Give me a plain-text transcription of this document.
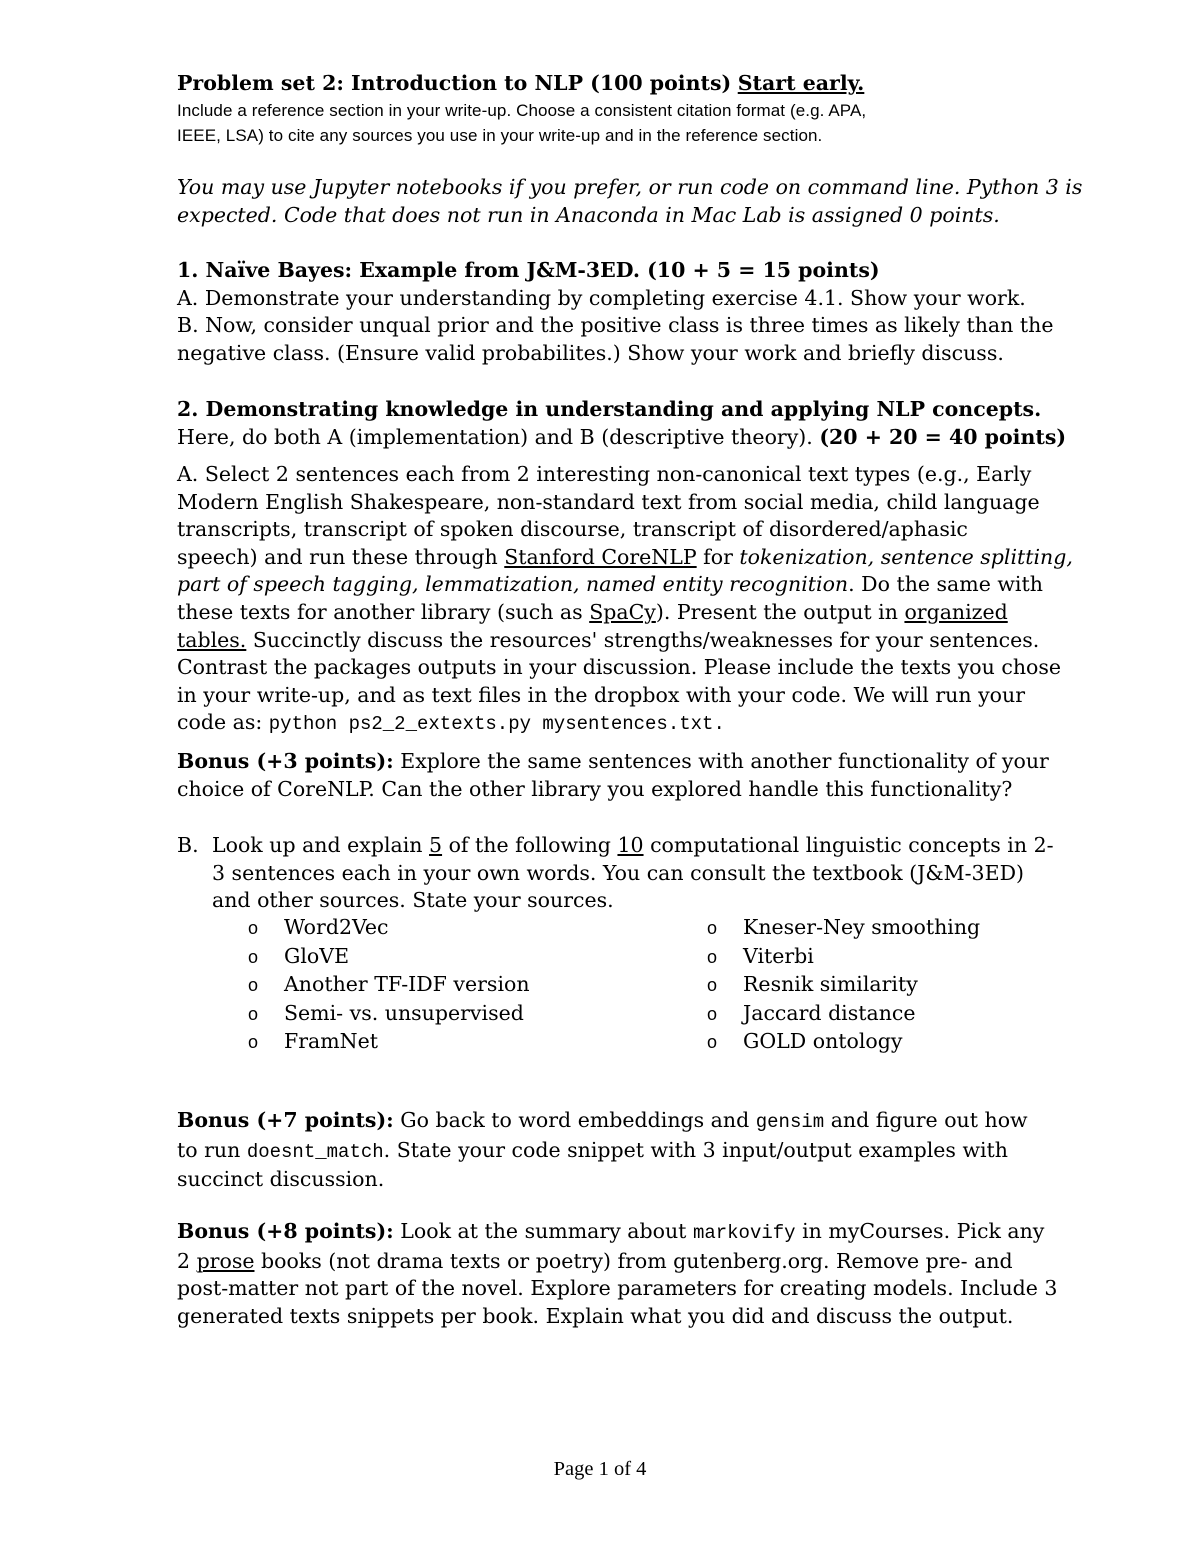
Problem set 2: Introduction to NLP (100 points) Start early.
Include a reference section in your write-up. Choose a consistent citation format (e.g. APA,
IEEE, LSA) to cite any sources you use in your write-up and in the reference section.
You may use Jupyter notebooks if you prefer, or run code on command line. Python 3 is
expected. Code that does not run in Anaconda in Mac Lab is assigned 0 points.
1. Naïve Bayes: Example from J&M-3ED. (10 + 5 = 15 points)
A. Demonstrate your understanding by completing exercise 4.1. Show your work.
B. Now, consider unqual prior and the positive class is three times as likely than the
negative class. (Ensure valid probabilites.) Show your work and briefly discuss.
2. Demonstrating knowledge in understanding and applying NLP concepts.
Here, do both A (implementation) and B (descriptive theory). (20 + 20 = 40 points)
A. Select 2 sentences each from 2 interesting non-canonical text types (e.g., Early
Modern English Shakespeare, non-standard text from social media, child language
transcripts, transcript of spoken discourse, transcript of disordered/aphasic
speech) and run these through Stanford CoreNLP for tokenization, sentence splitting,
part of speech tagging, lemmatization, named entity recognition. Do the same with
these texts for another library (such as SpaCy). Present the output in organized
tables. Succinctly discuss the resources' strengths/weaknesses for your sentences.
Contrast the packages outputs in your discussion. Please include the texts you chose
in your write-up, and as text files in the dropbox with your code. We will run your
code as: python ps2_2_extexts.py mysentences.txt.
Bonus (+3 points): Explore the same sentences with another functionality of your
choice of CoreNLP. Can the other library you explored handle this functionality?
B. Look up and explain 5 of the following 10 computational linguistic concepts in 2-
3 sentences each in your own words. You can consult the textbook (J&M-3ED)
and other sources. State your sources.
o Word2Vec
o GloVE
o Another TF-IDF version
o Semi- vs. unsupervised
o FramNet
o Kneser-Ney smoothing
o Viterbi
o Resnik similarity
o Jaccard distance
o GOLD ontology
Bonus (+7 points): Go back to word embeddings and gensim and figure out how
to run doesnt_match. State your code snippet with 3 input/output examples with
succinct discussion.
Bonus (+8 points): Look at the summary about markovify in myCourses. Pick any
2 prose books (not drama texts or poetry) from gutenberg.org. Remove pre- and
post-matter not part of the novel. Explore parameters for creating models. Include 3
generated texts snippets per book. Explain what you did and discuss the output.
Page 1 of 4
